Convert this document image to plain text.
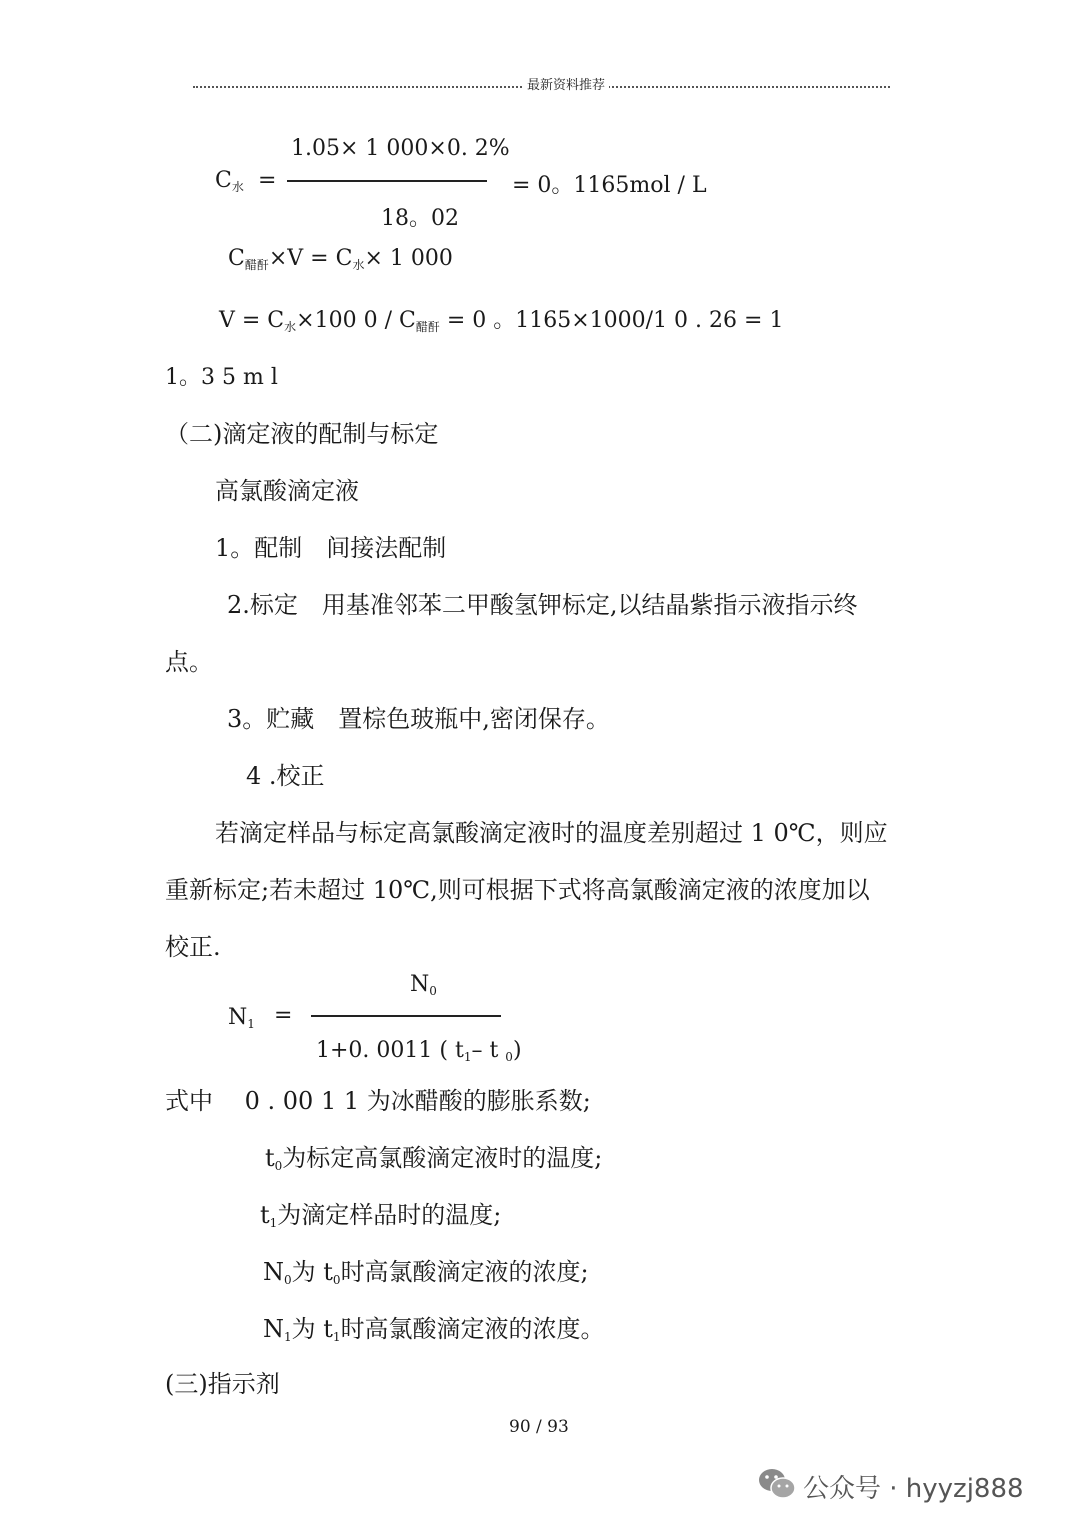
最新资料推荐
1.05× 1 000×0. 2%
$C_水$ =	= 0。1165mol / L
18。02
$C_{醋酐}\times V = C_水\times 1$ 000
$V = C_水\times 100$ $0 / C_{醋酐} = 0$ 。1165×1000/1 0 . 26 = 1
1。3 5 m l
（二)滴定液的配制与标定
高氯酸滴定液
1。配制　间接法配制
2.标定　用基准邻苯二甲酸氢钾标定,以结晶紫指示液指示终
点。
3。贮藏　置棕色玻瓶中,密闭保存。
4 .校正
若滴定样品与标定高氯酸滴定液时的温度差别超过 1 0℃，则应
重新标定;若未超过 10℃,则可根据下式将高氯酸滴定液的浓度加以
校正.
$N_0$
$N_1$ =
1+0. 0011 ( $t_1-$ t $_0$)
式中　 0 . 00 1 1 为冰醋酸的膨胀系数;
$t_0$为标定高氯酸滴定液时的温度;
$t_1$为滴定样品时的温度;
$N_0$为 $t_0$时高氯酸滴定液的浓度;
$N_1$为 $t_1$时高氯酸滴定液的浓度。
(三)指示剂
90 / 93
公众号 · hyyzj888
